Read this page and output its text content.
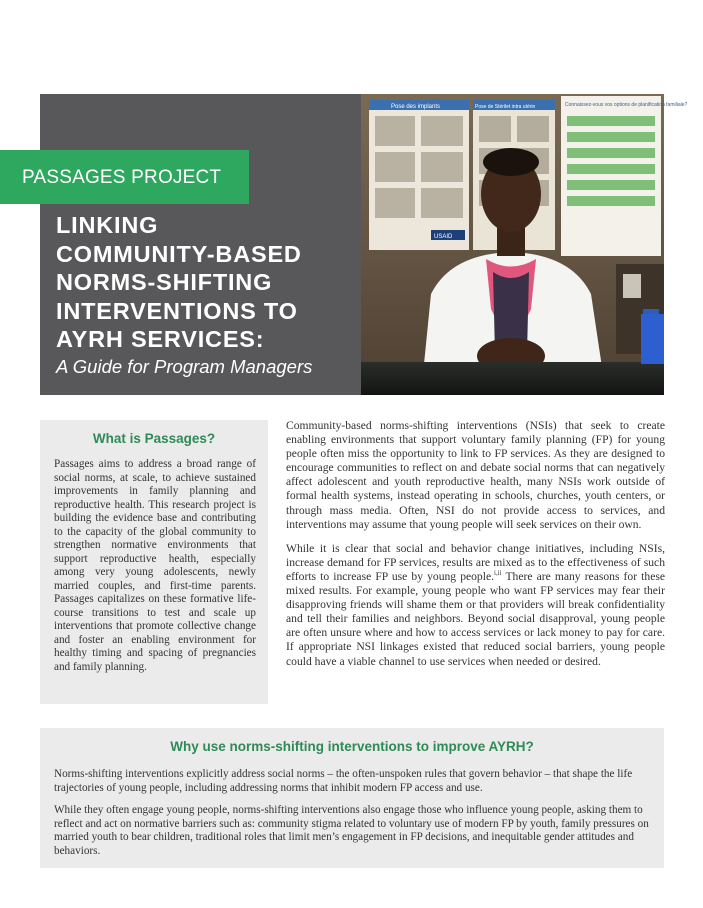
Pose des implants
USAID
Pose de Stérilet intra utérin	Connaissez-vous vos options de planification familiale?
PASSAGES PROJECT
LINKING
COMMUNITY-BASED
NORMS-SHIFTING
INTERVENTIONS TO
AYRH SERVICES:
A Guide for Program Managers
What is Passages?

Passages aims to address a broad range of social norms, at scale, to achieve sustained improvements in family planning and reproductive health. This research project is building the evidence base and contributing to the capacity of the global community to strengthen normative environments that support reproductive health, especially among very young adolescents, newly married couples, and first-time parents. Passages capitalizes on these formative life-course transitions to test and scale up interventions that promote collective change and foster an enabling environment for healthy timing and spacing of pregnancies and family planning.

Community-based norms-shifting interventions (NSIs) that seek to create enabling environments that support voluntary family planning (FP) for young people often miss the opportunity to link to FP services. As they are designed to encourage communities to reflect on and debate social norms that can negatively affect adolescent and youth reproductive health, many NSIs work outside of formal health systems, instead operating in schools, churches, youth centers, or through mass media. Often, NSI do not provide access to services, and interventions may assume that young people will seek services on their own.

While it is clear that social and behavior change initiatives, including NSIs, increase demand for FP services, results are mixed as to the effectiveness of such efforts to increase FP use by young people.$^{i,ii}$ There are many reasons for these mixed results. For example, young people who want FP services may fear their disapproving friends will shame them or that providers will break confidentiality and tell their families and neighbors. Beyond social disapproval, young people are often unsure where and how to access services or lack money to pay for care. If appropriate NSI linkages existed that reduced social barriers, young people could have a viable channel to use services when needed or desired.

Why use norms-shifting interventions to improve AYRH?

Norms-shifting interventions explicitly address social norms – the often-unspoken rules that govern behavior – that shape the life trajectories of young people, including addressing norms that inhibit modern FP access and use.

While they often engage young people, norms-shifting interventions also engage those who influence young people, asking them to reflect and act on normative barriers such as: community stigma related to voluntary use of modern FP by youth, family pressures on married youth to bear children, traditional roles that limit men’s engagement in FP decisions, and inequitable gender attitudes and behaviors.
